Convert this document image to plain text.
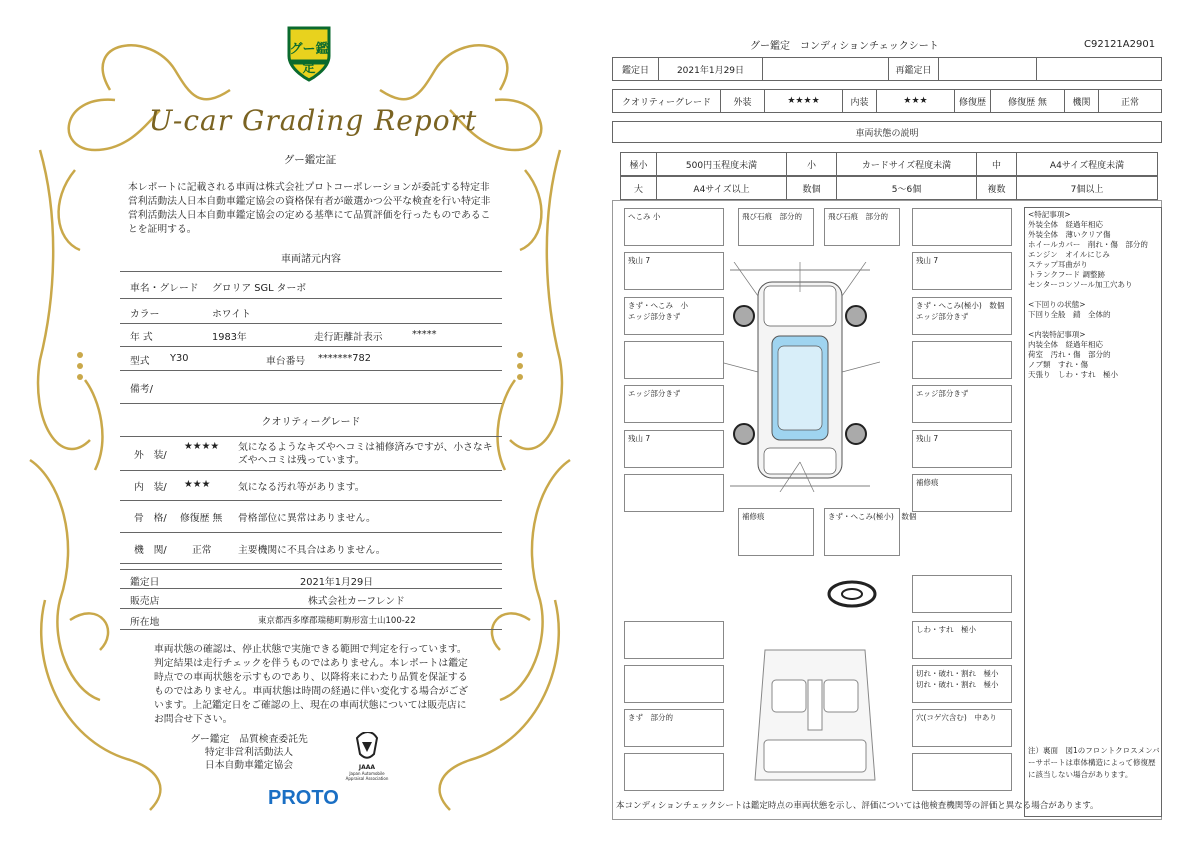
グー鑑定
U-car Grading Report
グー鑑定証
本レポートに記載される車両は株式会社プロトコーポレーションが委託する特定非営利活動法人日本自動車鑑定協会の資格保有者が厳選かつ公平な検査を行い特定非営利活動法人日本自動車鑑定協会の定める基準にて品質評価を行ったものであることを証明する。
車両諸元内容
車名・グレード グロリア SGL ターボ
カラー	ホワイト
年 式	1983年	走行距離計表示	*****
型式 Y30	車台番号 *******782
備考/
クオリティーグレード
外　装/
★★★★ 気になるようなキズやヘコミは補修済みですが、小さなキズやヘコミは残っています。
内　装/ ★★★	気になる汚れ等があります。
骨　格/ 修復歴 無 骨格部位に異常はありません。
機　関/	正常	主要機関に不具合はありません。
鑑定日	2021年1月29日
販売店	株式会社カーフレンド
所在地	東京都西多摩郡瑞穂町駒形富士山100-22
車両状態の確認は、停止状態で実施できる範囲で判定を行っています。判定結果は走行チェックを伴うものではありません。本レポートは鑑定時点での車両状態を示すものであり、以降将来にわたり品質を保証するものではありません。車両状態は時間の経過に伴い変化する場合がございます。上記鑑定日をご確認の上、現在の車両状態については販売店にお問合せ下さい。
グー鑑定　品質検査委託先
特定非営利活動法人
日本自動車鑑定協会	JAAA
Japan Automobile Appraisal Association
PROTO
グー鑑定　コンディションチェックシート	C92121A2901
鑑定日	2021年1月29日	再鑑定日
クオリティーグレード	外装	★★★★	内装	★★★	修復歴	修復歴 無	機関	正常
車両状態の説明
極小	500円玉程度未満	小	カードサイズ程度未満	中	A4サイズ程度未満
大	A4サイズ以上	数個	5～6個	複数	7個以上
へこみ 小
残山 7
きず・へこみ　小
エッジ部分きず
エッジ部分きず
残山 7
きず　部分的
飛び石痕　部分的	飛び石痕　部分的
残山 7
きず・へこみ(極小)　数個
エッジ部分きず
エッジ部分きず
残山 7
補修痕
しわ・すれ　極小
切れ・破れ・割れ　極小
切れ・破れ・割れ　極小
穴(コゲ穴含む)　中あり
補修痕	きず・へこみ(極小)　数個
<特記事項>
外装全体　経過年相応
外装全体　薄いクリア傷
ホイールカバー　削れ・傷　部分的
エンジン　オイルにじみ
ステップ耳曲がり
トランクフード 調整跡
センターコンソール加工穴あり

<下回りの状態>
下回り全般　錆　全体的

<内装特記事項>
内装全体　経過年相応
荷室　汚れ・傷　部分的
ノブ類　すれ・傷
天張り　しわ・すれ　極小
注）裏面　図1のフロントクロスメンバーサポートは車体構造によって修復歴に該当しない場合があります。
本コンディションチェックシートは鑑定時点の車両状態を示し、評価については他検査機関等の評価と異なる場合があります。
